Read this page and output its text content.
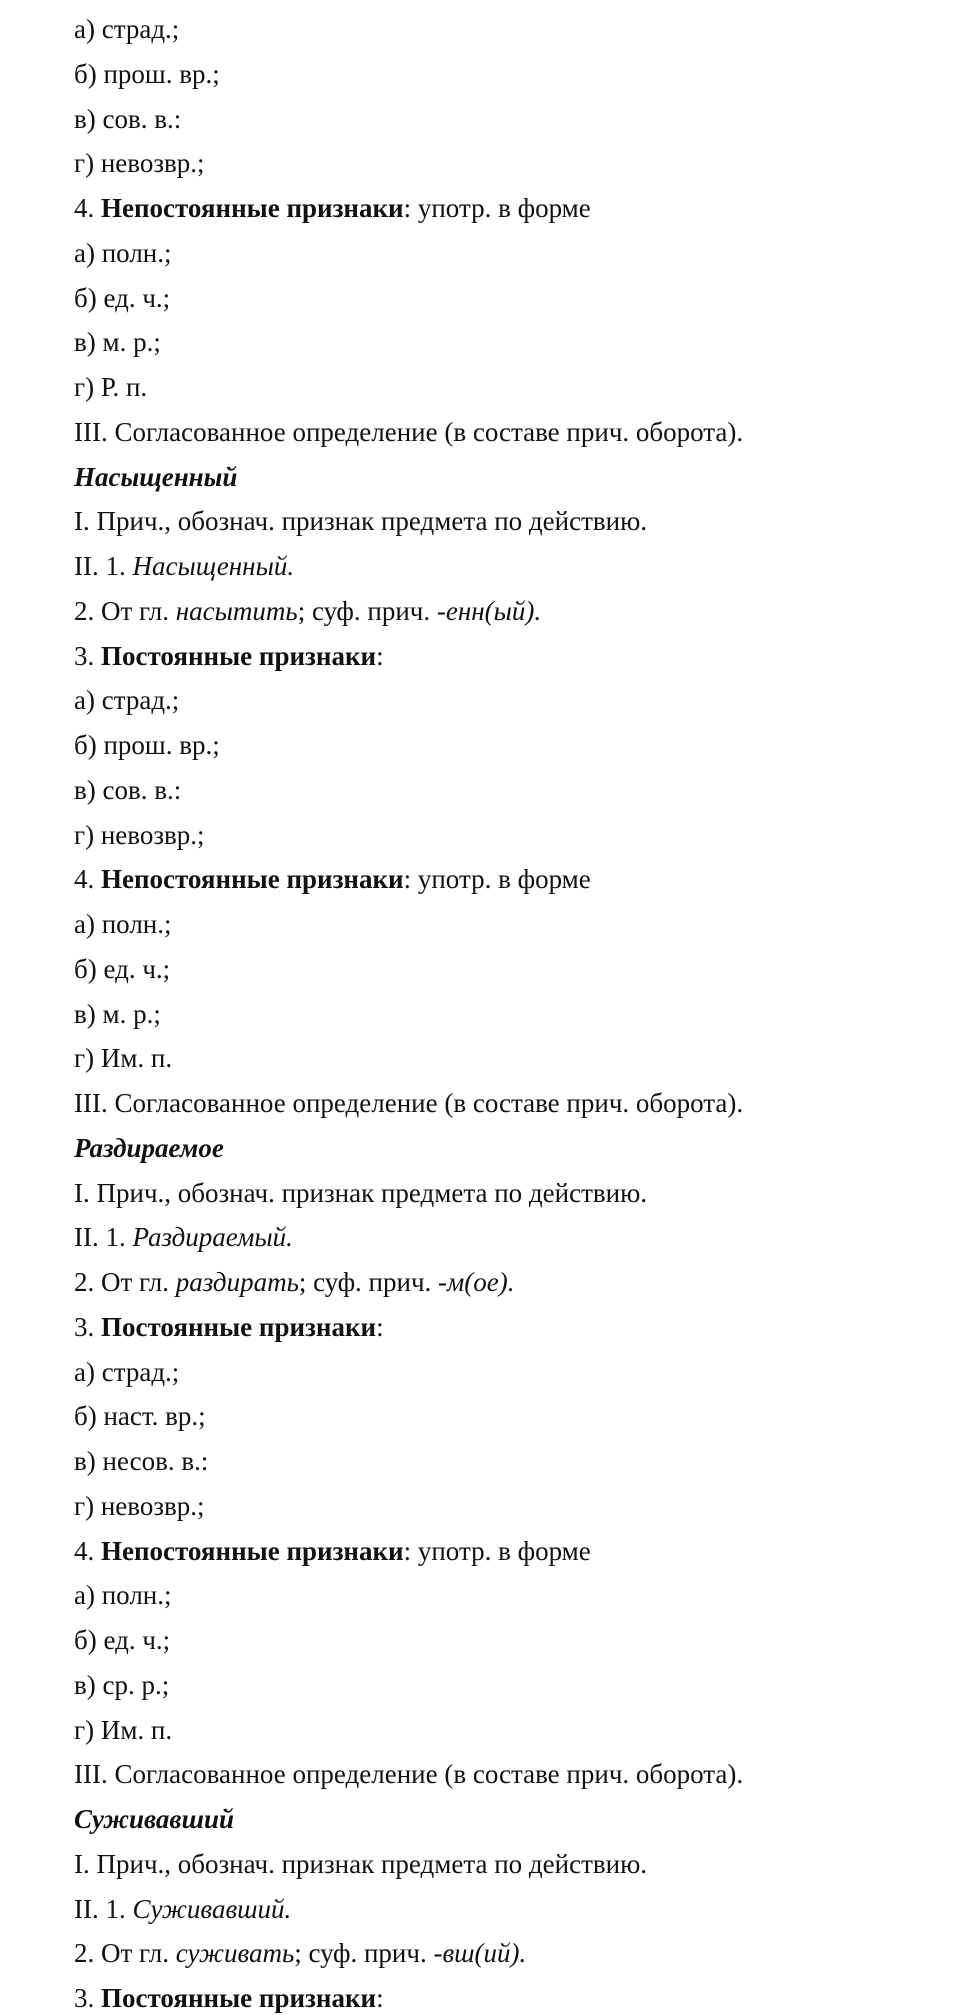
а) страд.;
б) прош. вр.;
в) сов. в.:
г) невозвр.;
4. Непостоянные признаки: употр. в форме
а) полн.;
б) ед. ч.;
в) м. р.;
г) Р. п.
III. Согласованное определение (в составе прич. оборота).
Насыщенный
I. Прич., обознач. признак предмета по действию.
II. 1. Насыщенный.
2. От гл. насытить; суф. прич. -енн(ый).
3. Постоянные признаки:
а) страд.;
б) прош. вр.;
в) сов. в.:
г) невозвр.;
4. Непостоянные признаки: употр. в форме
а) полн.;
б) ед. ч.;
в) м. р.;
г) Им. п.
III. Согласованное определение (в составе прич. оборота).
Раздираемое
I. Прич., обознач. признак предмета по действию.
II. 1. Раздираемый.
2. От гл. раздирать; суф. прич. -м(ое).
3. Постоянные признаки:
а) страд.;
б) наст. вр.;
в) несов. в.:
г) невозвр.;
4. Непостоянные признаки: употр. в форме
а) полн.;
б) ед. ч.;
в) ср. р.;
г) Им. п.
III. Согласованное определение (в составе прич. оборота).
Суживавший
I. Прич., обознач. признак предмета по действию.
II. 1. Суживавший.
2. От гл. суживать; суф. прич. -вш(ий).
3. Постоянные признаки:
